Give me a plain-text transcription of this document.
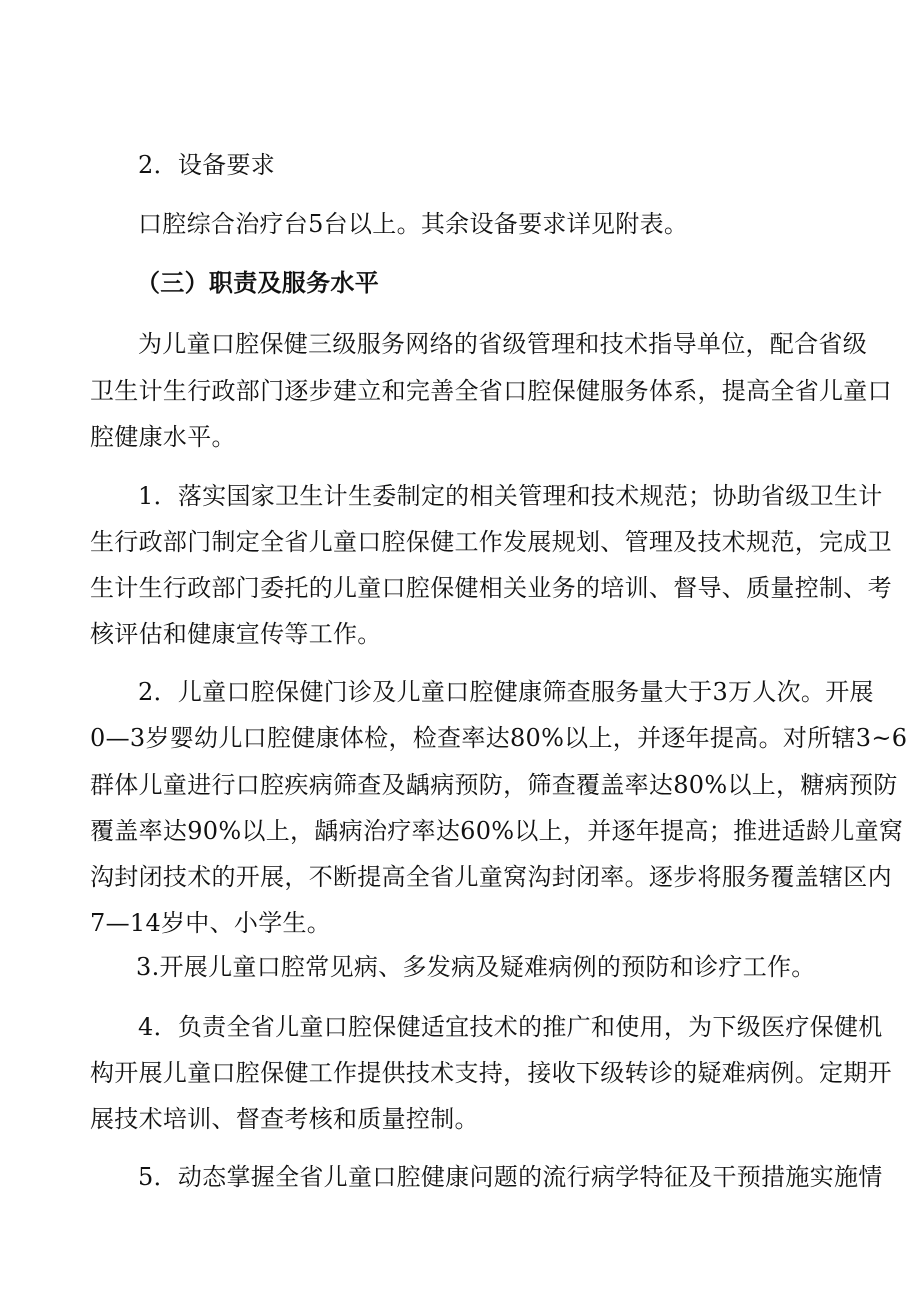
2．设备要求

口腔综合治疗台5台以上。其余设备要求详见附表。

（三）职责及服务水平

为儿童口腔保健三级服务网络的省级管理和技术指导单位，配合省级

卫生计生行政部门逐步建立和完善全省口腔保健服务体系，提高全省儿童口

腔健康水平。

1．落实国家卫生计生委制定的相关管理和技术规范；协助省级卫生计

生行政部门制定全省儿童口腔保健工作发展规划、管理及技术规范，完成卫

生计生行政部门委托的儿童口腔保健相关业务的培训、督导、质量控制、考

核评估和健康宣传等工作。

2．儿童口腔保健门诊及儿童口腔健康筛查服务量大于3万人次。开展

0—3岁婴幼儿口腔健康体检，检查率达80%以上，并逐年提高。对所辖3~6

群体儿童进行口腔疾病筛查及龋病预防，筛查覆盖率达80%以上，糖病预防

覆盖率达90%以上，龋病治疗率达60%以上，并逐年提高；推进适龄儿童窝

沟封闭技术的开展，不断提高全省儿童窝沟封闭率。逐步将服务覆盖辖区内

7—14岁中、小学生。

3.开展儿童口腔常见病、多发病及疑难病例的预防和诊疗工作。

4．负责全省儿童口腔保健适宜技术的推广和使用，为下级医疗保健机

构开展儿童口腔保健工作提供技术支持，接收下级转诊的疑难病例。定期开

展技术培训、督查考核和质量控制。

5．动态掌握全省儿童口腔健康问题的流行病学特征及干预措施实施情
